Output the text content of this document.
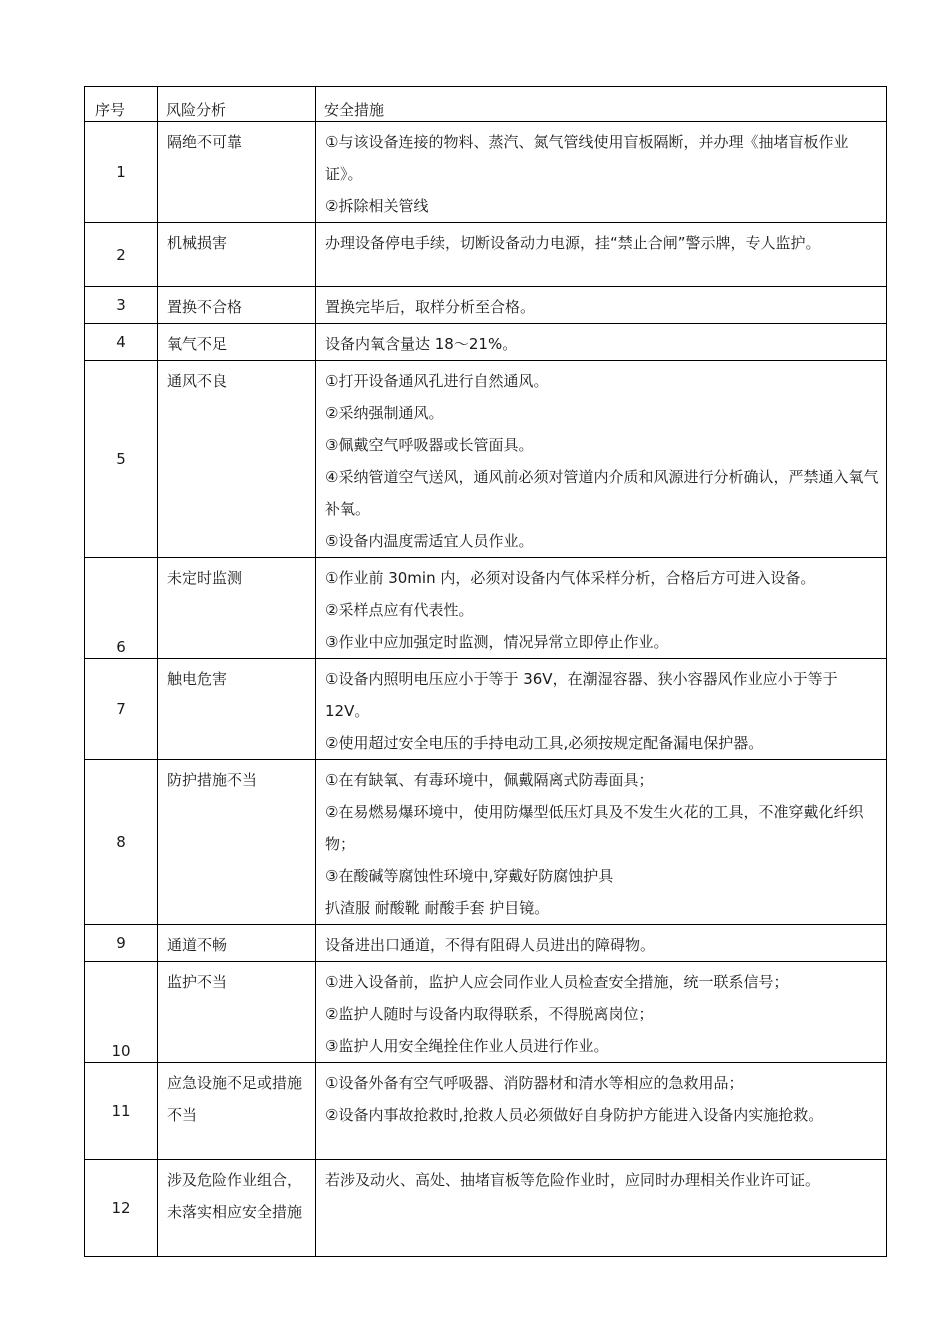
序号	风险分析	安全措施

1	隔绝不可靠	①与该设备连接的物料、蒸汽、氮气管线使用盲板隔断，并办理《抽堵盲板作业证》。
②拆除相关管线

2	机械损害	办理设备停电手续，切断设备动力电源，挂“禁止合闸”警示牌，专人监护。

3	置换不合格	置换完毕后，取样分析至合格。

4	氧气不足	设备内氧含量达 18～21%。

5	通风不良	①打开设备通风孔进行自然通风。
②采纳强制通风。
③佩戴空气呼吸器或长管面具。
④采纳管道空气送风，通风前必须对管道内介质和风源进行分析确认，严禁通入氧气补氧。
⑤设备内温度需适宜人员作业。

6	未定时监测	①作业前 30min 内，必须对设备内气体采样分析，合格后方可进入设备。
②采样点应有代表性。
③作业中应加强定时监测，情况异常立即停止作业。

7	触电危害	①设备内照明电压应小于等于 36V，在潮湿容器、狭小容器风作业应小于等于 12V。
②使用超过安全电压的手持电动工具,必须按规定配备漏电保护器。

8	防护措施不当	①在有缺氧、有毒环境中，佩戴隔离式防毒面具；
②在易燃易爆环境中，使用防爆型低压灯具及不发生火花的工具，不准穿戴化纤织物；
③在酸碱等腐蚀性环境中,穿戴好防腐蚀护具
扒渣服 耐酸靴 耐酸手套 护目镜。

9	通道不畅	设备进出口通道，不得有阻碍人员进出的障碍物。

10	监护不当	①进入设备前，监护人应会同作业人员检查安全措施，统一联系信号；
②监护人随时与设备内取得联系，不得脱离岗位；
③监护人用安全绳拴住作业人员进行作业。

11	应急设施不足或措施不当	①设备外备有空气呼吸器、消防器材和清水等相应的急救用品；
②设备内事故抢救时,抢救人员必须做好自身防护方能进入设备内实施抢救。

12	涉及危险作业组合，未落实相应安全措施	若涉及动火、高处、抽堵盲板等危险作业时，应同时办理相关作业许可证。
